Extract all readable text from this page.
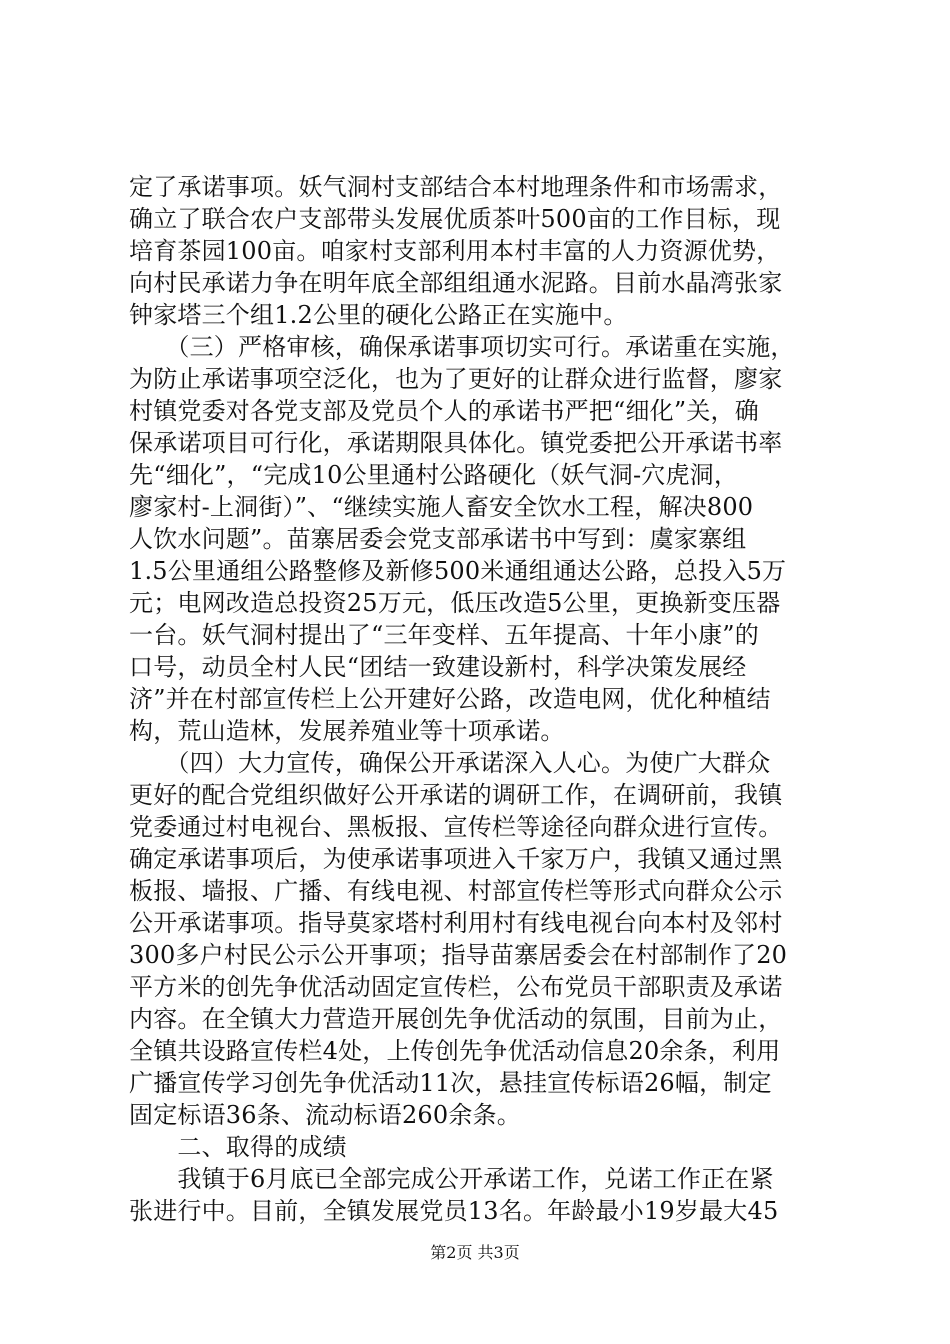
定了承诺事项。妖气洞村支部结合本村地理条件和市场需求，
确立了联合农户支部带头发展优质茶叶500亩的工作目标，现
培育茶园100亩。咱家村支部利用本村丰富的人力资源优势，
向村民承诺力争在明年底全部组组通水泥路。目前水晶湾张家
钟家塔三个组1.2公里的硬化公路正在实施中。
　　（三）严格审核，确保承诺事项切实可行。承诺重在实施，
为防止承诺事项空泛化，也为了更好的让群众进行监督，廖家
村镇党委对各党支部及党员个人的承诺书严把“细化”关，确
保承诺项目可行化，承诺期限具体化。镇党委把公开承诺书率
先“细化”，“完成10公里通村公路硬化（妖气洞-穴虎洞，
廖家村-上洞街）”、“继续实施人畜安全饮水工程，解决800
人饮水问题”。苗寨居委会党支部承诺书中写到：虞家寨组
1.5公里通组公路整修及新修500米通组通达公路，总投入5万
元；电网改造总投资25万元，低压改造5公里，更换新变压器
一台。妖气洞村提出了“三年变样、五年提高、十年小康”的
口号，动员全村人民“团结一致建设新村，科学决策发展经
济”并在村部宣传栏上公开建好公路，改造电网，优化种植结
构，荒山造林，发展养殖业等十项承诺。
　　（四）大力宣传，确保公开承诺深入人心。为使广大群众
更好的配合党组织做好公开承诺的调研工作，在调研前，我镇
党委通过村电视台、黑板报、宣传栏等途径向群众进行宣传。
确定承诺事项后，为使承诺事项进入千家万户，我镇又通过黑
板报、墙报、广播、有线电视、村部宣传栏等形式向群众公示
公开承诺事项。指导莫家塔村利用村有线电视台向本村及邻村
300多户村民公示公开事项；指导苗寨居委会在村部制作了20
平方米的创先争优活动固定宣传栏，公布党员干部职责及承诺
内容。在全镇大力营造开展创先争优活动的氛围，目前为止，
全镇共设路宣传栏4处，上传创先争优活动信息20余条，利用
广播宣传学习创先争优活动11次，悬挂宣传标语26幅，制定
固定标语36条、流动标语260余条。
　　二、取得的成绩
　　我镇于6月底已全部完成公开承诺工作，兑诺工作正在紧
张进行中。目前，全镇发展党员13名。年龄最小19岁最大45
第2页 共3页
